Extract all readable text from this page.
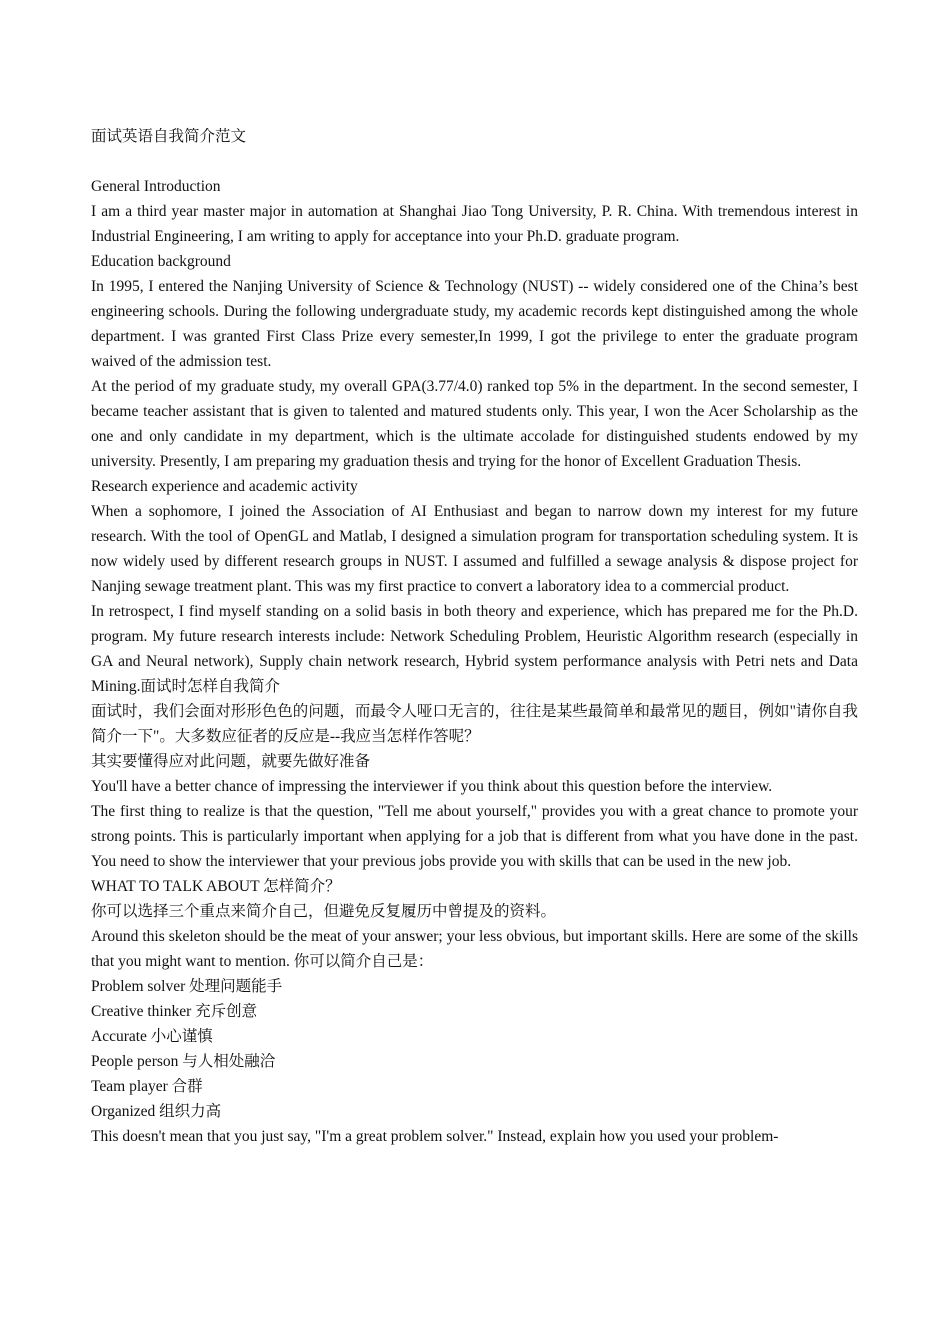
面试英语自我简介范文
General Introduction
I am a third year master major in automation at Shanghai Jiao Tong University, P. R. China. With tremendous interest in Industrial Engineering, I am writing to apply for acceptance into your Ph.D. graduate program.
Education background
In 1995, I entered the Nanjing University of Science & Technology (NUST) -- widely considered one of the China’s best engineering schools. During the following undergraduate study, my academic records kept distinguished among the whole department. I was granted First Class Prize every semester,In 1999, I got the privilege to enter the graduate program waived of the admission test.
At the period of my graduate study, my overall GPA(3.77/4.0) ranked top 5% in the department. In the second semester, I became teacher assistant that is given to talented and matured students only. This year, I won the Acer Scholarship as the one and only candidate in my department, which is the ultimate accolade for distinguished students endowed by my university. Presently, I am preparing my graduation thesis and trying for the honor of Excellent Graduation Thesis.
Research experience and academic activity
When a sophomore, I joined the Association of AI Enthusiast and began to narrow down my interest for my future research. With the tool of OpenGL and Matlab, I designed a simulation program for transportation scheduling system. It is now widely used by different research groups in NUST. I assumed and fulfilled a sewage analysis & dispose project for Nanjing sewage treatment plant. This was my first practice to convert a laboratory idea to a commercial product.
In retrospect, I find myself standing on a solid basis in both theory and experience, which has prepared me for the Ph.D. program. My future research interests include: Network Scheduling Problem, Heuristic Algorithm research (especially in GA and Neural network), Supply chain network research, Hybrid system performance analysis with Petri nets and Data Mining.面试时怎样自我简介
面试时，我们会面对形形色色的问题，而最令人哑口无言的，往往是某些最简单和最常见的题目，例如"请你自我简介一下"。大多数应征者的反应是--我应当怎样作答呢？
其实要懂得应对此问题，就要先做好准备
You'll have a better chance of impressing the interviewer if you think about this question before the interview.
The first thing to realize is that the question, "Tell me about yourself," provides you with a great chance to promote your strong points. This is particularly important when applying for a job that is different from what you have done in the past. You need to show the interviewer that your previous jobs provide you with skills that can be used in the new job.
WHAT TO TALK ABOUT 怎样简介？
你可以选择三个重点来简介自己，但避免反复履历中曾提及的资料。
Around this skeleton should be the meat of your answer; your less obvious, but important skills. Here are some of the skills that you might want to mention. 你可以简介自己是：
Problem solver 处理问题能手
Creative thinker 充斥创意
Accurate 小心谨慎
People person 与人相处融洽
Team player 合群
Organized 组织力高
This doesn't mean that you just say, "I'm a great problem solver." Instead, explain how you used your problem-
